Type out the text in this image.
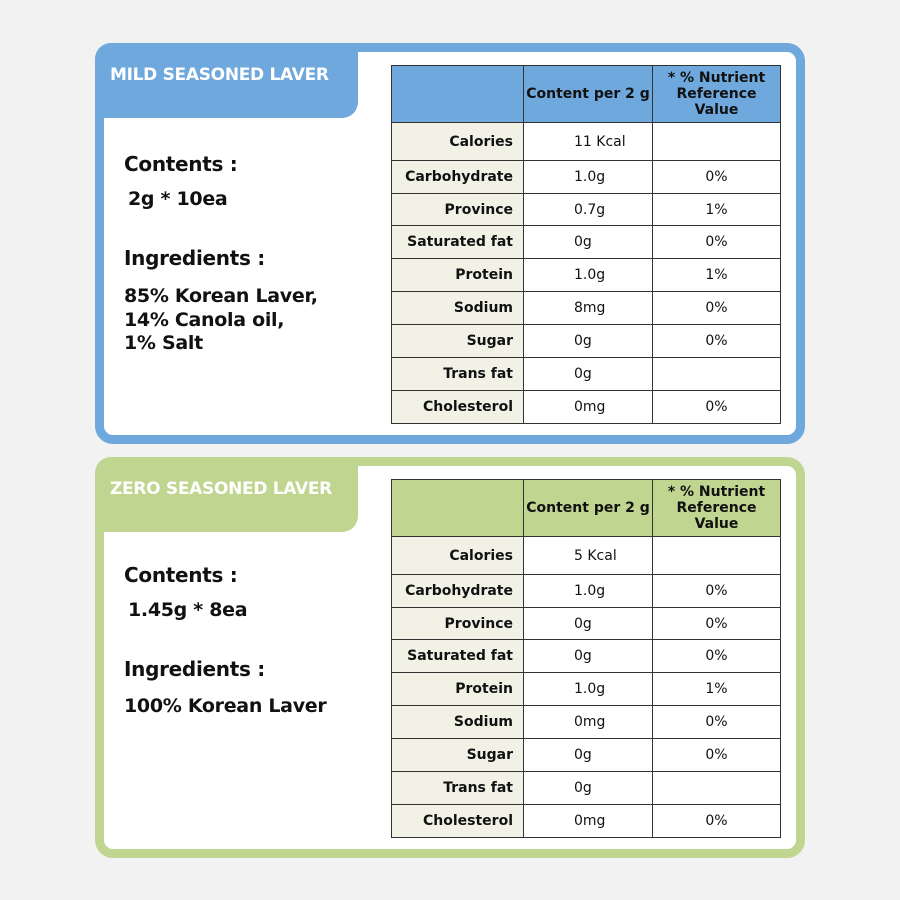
MILD SEASONED LAVER

Contents :

2g * 10ea

Ingredients :

85% Korean Laver,
14% Canola oil,
1% Salt
	Content per 2 g	* % Nutrient Reference Value
Calories	11 Kcal	
Carbohydrate	1.0g	0%
Province	0.7g	1%
Saturated fat	0g	0%
Protein	1.0g	1%
Sodium	8mg	0%
Sugar	0g	0%
Trans fat	0g	
Cholesterol	0mg	0%
ZERO SEASONED LAVER

Contents :

1.45g * 8ea

Ingredients :

100% Korean Laver
	Content per 2 g	* % Nutrient Reference Value
Calories	5 Kcal	
Carbohydrate	1.0g	0%
Province	0g	0%
Saturated fat	0g	0%
Protein	1.0g	1%
Sodium	0mg	0%
Sugar	0g	0%
Trans fat	0g	
Cholesterol	0mg	0%
